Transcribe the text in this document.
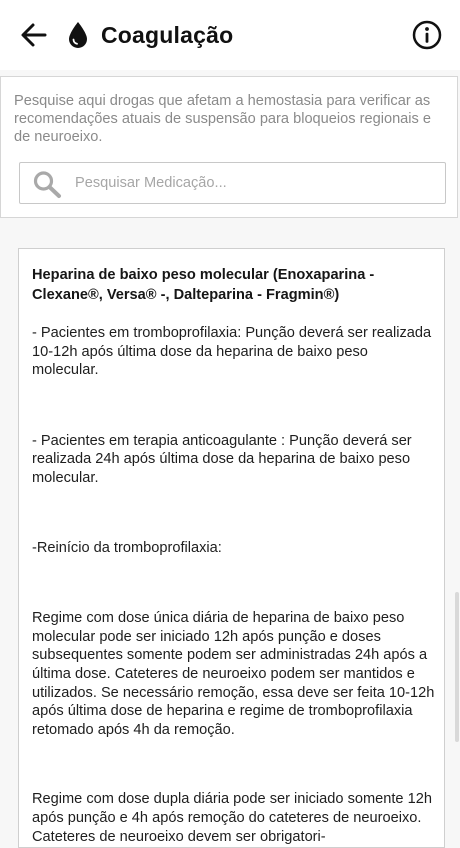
Coagulação
Pesquise aqui drogas que afetam a hemostasia para verificar as recomendações atuais de suspensão para bloqueios regionais e de neuroeixo.
Pesquisar Medicação...

Heparina de baixo peso molecular (Enoxaparina - Clexane®, Versa® -, Dalteparina - Fragmin®)

- Pacientes em tromboprofilaxia: Punção deverá ser realizada 10-12h após última dose da heparina de baixo peso molecular.

- Pacientes em terapia anticoagulante : Punção deverá ser realizada 24h após última dose da heparina de baixo peso molecular.

-Reinício da tromboprofilaxia:

Regime com dose única diária de heparina de baixo peso molecular pode ser iniciado 12h após punção e doses subsequentes somente podem ser administradas 24h após a última dose. Cateteres de neuroeixo podem ser mantidos e utilizados. Se necessário remoção, essa deve ser feita 10-12h após última dose de heparina e regime de tromboprofilaxia retomado após 4h da remoção.

Regime com dose dupla diária pode ser iniciado somente 12h após punção e 4h após remoção do cateteres de neuroeixo. Cateteres de neuroeixo devem ser obrigatori-
